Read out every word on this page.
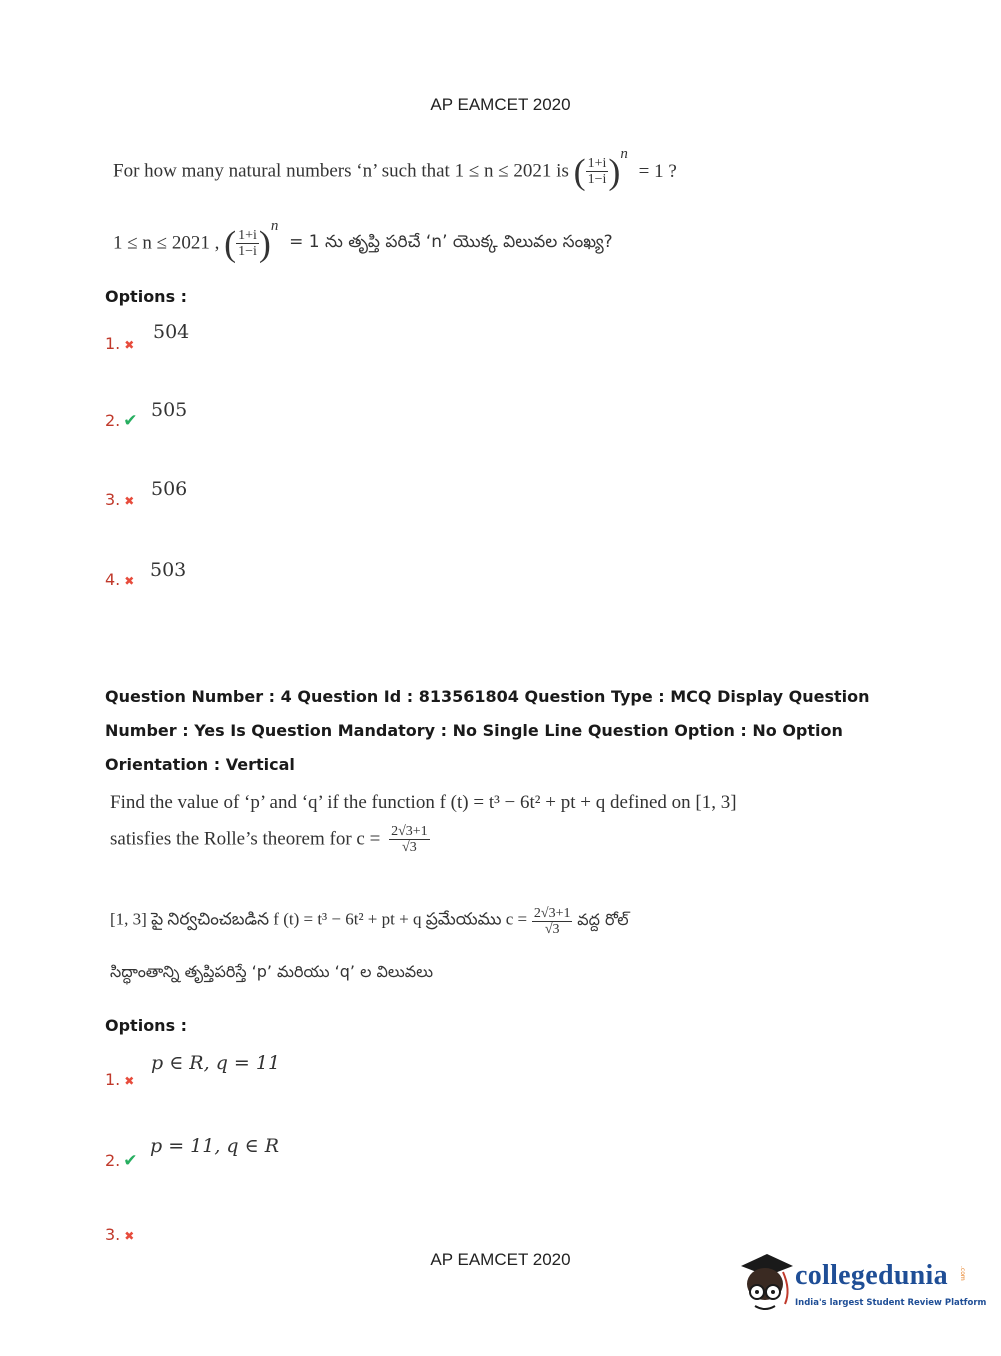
AP EAMCET 2020
For how many natural numbers ‘n’ such that 1 ≤ n ≤ 2021 is ( $\frac{1+i}{1-i} )^n = 1$ ?
1 ≤ n ≤ 2021 , ( $\frac{1+i}{1-i} )^n = 1$ ను తృప్తి పరిచే ‘n’ యొక్క విలువల సంఖ్య?
Options :
1. ✖
504
2. ✔ 505
3. ✖
506
4. ✖ 503
Question Number : 4 Question Id : 813561804 Question Type : MCQ Display Question Number : Yes Is Question Mandatory : No Single Line Question Option : No Option Orientation : Vertical
Find the value of ‘p’ and ‘q’ if the function f (t) = t³ − 6t² + pt + q defined on [1, 3]
satisfies the Rolle’s theorem for $c = \frac{2√3+1}{√3}$
[1, 3] పై నిర్వచించబడిన f (t) = t³ − 6t² + pt + q ప్రమేయము $c = \frac{2√3+1}{√3}$ వద్ద రోల్
సిద్ధాంతాన్ని తృప్తిపరిస్తే ‘p’ మరియు ‘q’ ల విలువలు
Options :
1. ✖
p ∈ R, q = 11
2. ✔
p = 11, q ∈ R
3. ✖
AP EAMCET 2020
collegedunia .com
India's largest Student Review Platform
